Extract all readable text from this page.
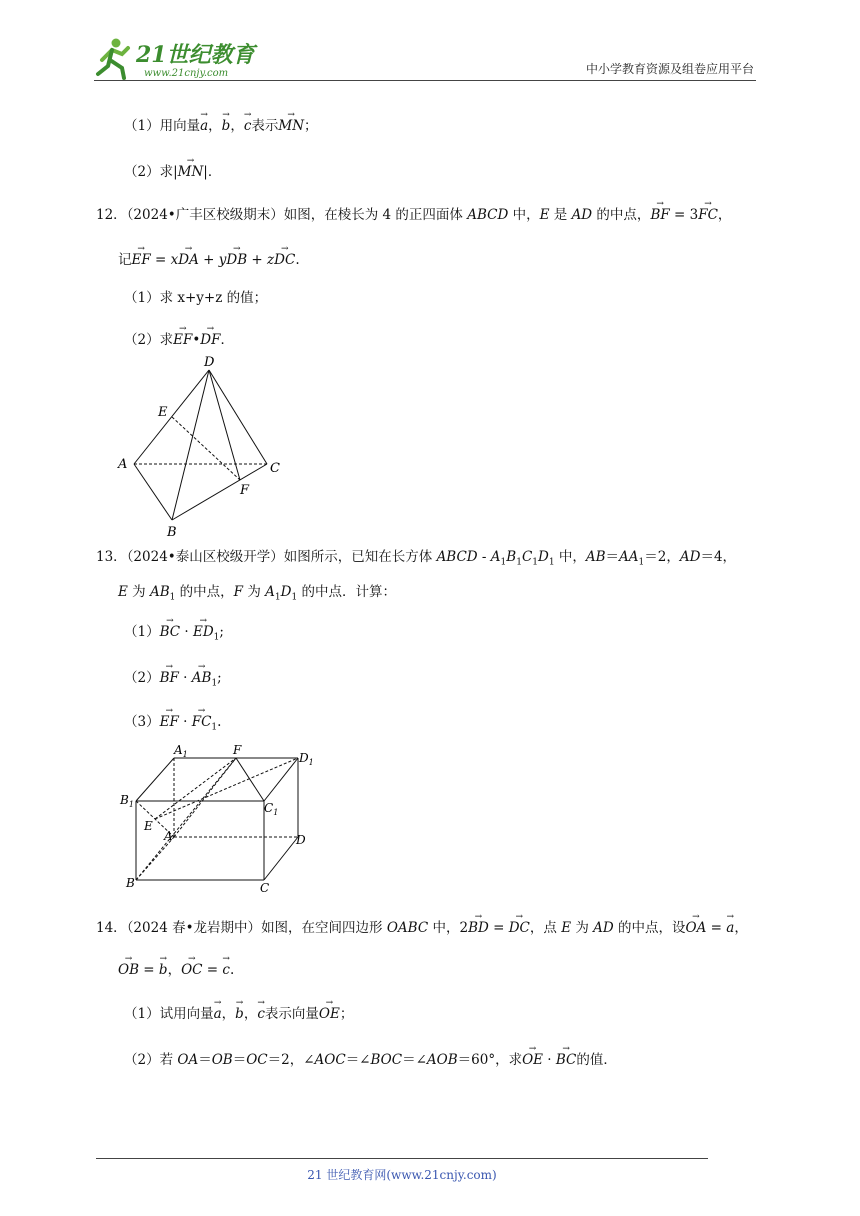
21世纪教育
www.21cnjy.com	中小学教育资源及组卷应用平台
（1）用向量→ a，→ b，→ c表示→ MN；
（2）求|→ MN|．
12．（2024•广丰区校级期末）如图，在棱长为 4 的正四面体 ABCD 中，E 是 AD 的中点，→ BF = 3→ FC，
记→ EF = x→ DA + y→ DB + z→ DC.
（1）求 x+y+z 的值；
（2）求→ EF•→ DF．
D
E
A	C
F
B
13．（2024•泰山区校级开学）如图所示，已知在长方体 ABCD - $A_1B_1C_1D_1$ 中，$AB=AA_1=2$，AD＝4，
E 为 $AB_1$ 的中点，F 为 $A_1D_1$ 的中点．计算：
（1）→ BC · → $ED_1$;
（2）→ BF · → $AB_1$;
（3）→ EF · → $FC_1$.
$A_1$	F
$D_1$
$B_1$	$C_1$
E
A	D
B	C
14．（2024 春•龙岩期中）如图，在空间四边形 OABC 中，2→ BD = → DC，点 E 为 AD 的中点，设→ OA = → a，
→ OB = → b，→ OC = → c.
（1）试用向量→ a，→ b，→ c表示向量→ OE；
（2）若 OA＝OB＝OC＝2，∠AOC＝∠BOC＝∠AOB＝60°，求→ OE · → BC的值．
21 世纪教育网(www.21cnjy.com)
